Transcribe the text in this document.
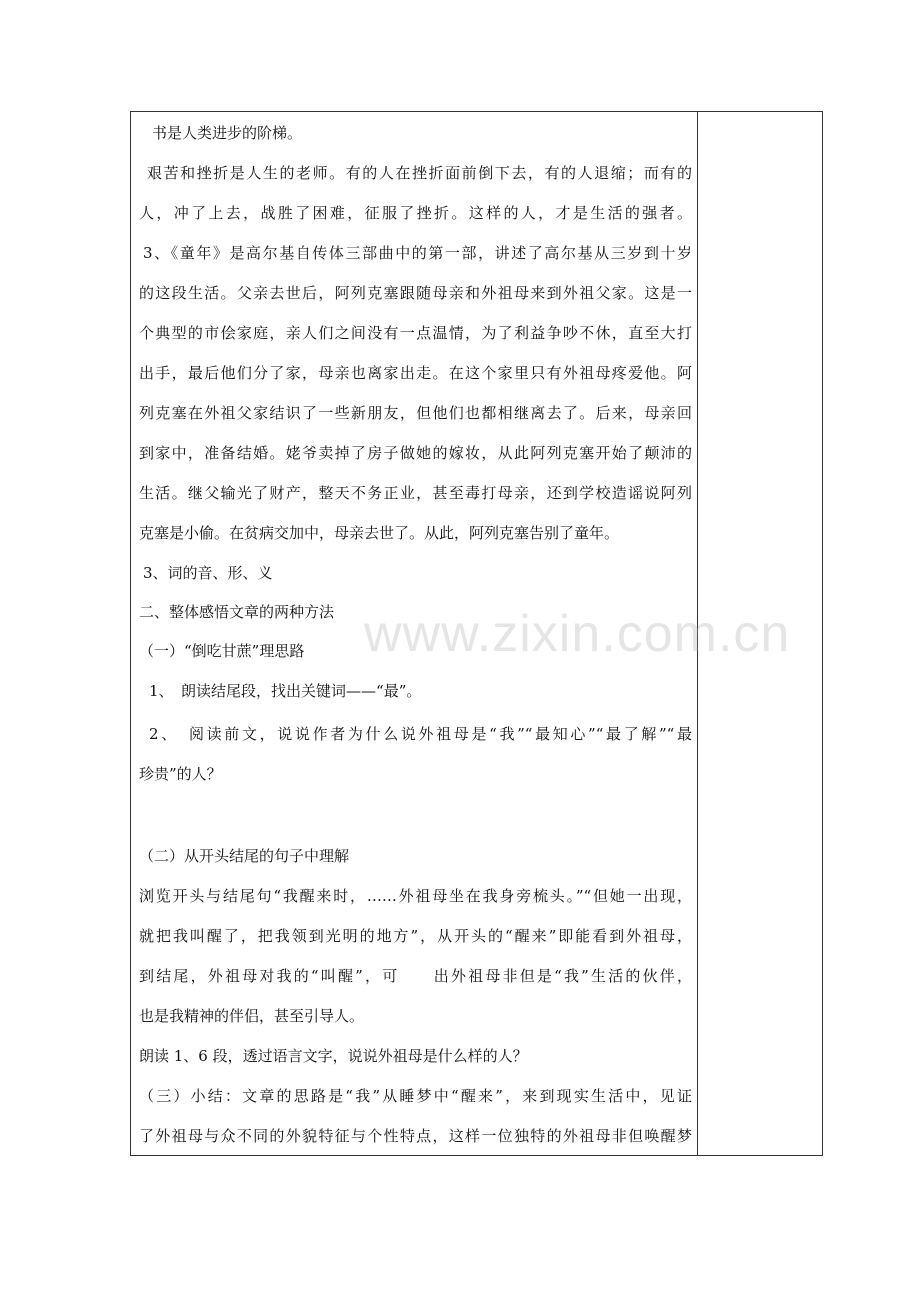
书是人类进步的阶梯。
艰苦和挫折是人生的老师。有的人在挫折面前倒下去，有的人退缩；而有的
人，冲了上去，战胜了困难，征服了挫折。这样的人，才是生活的强者。
3、《童年》是高尔基自传体三部曲中的第一部，讲述了高尔基从三岁到十岁
的这段生活。父亲去世后，阿列克塞跟随母亲和外祖母来到外祖父家。这是一
个典型的市侩家庭，亲人们之间没有一点温情，为了利益争吵不休，直至大打
出手，最后他们分了家，母亲也离家出走。在这个家里只有外祖母疼爱他。阿
列克塞在外祖父家结识了一些新朋友，但他们也都相继离去了。后来，母亲回
到家中，准备结婚。姥爷卖掉了房子做她的嫁妆，从此阿列克塞开始了颠沛的
生活。继父输光了财产，整天不务正业，甚至毒打母亲，还到学校造谣说阿列
克塞是小偷。在贫病交加中，母亲去世了。从此，阿列克塞告别了童年。
3、词的音、形、义
二、整体感悟文章的两种方法
（一）“倒吃甘蔗”理思路
1、　朗读结尾段，找出关键词——“最”。
2、　阅读前文，说说作者为什么说外祖母是“我”“最知心”“最了解”“最
珍贵”的人？
（二）从开头结尾的句子中理解
浏览开头与结尾句“我醒来时，……外祖母坐在我身旁梳头。”“但她一出现，
就把我叫醒了，把我领到光明的地方”，从开头的“醒来”即能看到外祖母，
到结尾，外祖母对我的“叫醒”，可　　出外祖母非但是“我”生活的伙伴，
也是我精神的伴侣，甚至引导人。
朗读 1、6 段，透过语言文字，说说外祖母是什么样的人？
（三）小结：文章的思路是“我”从睡梦中“醒来”，来到现实生活中，见证
了外祖母与众不同的外貌特征与个性特点，这样一位独特的外祖母非但唤醒梦
www.zixin.com.cn
